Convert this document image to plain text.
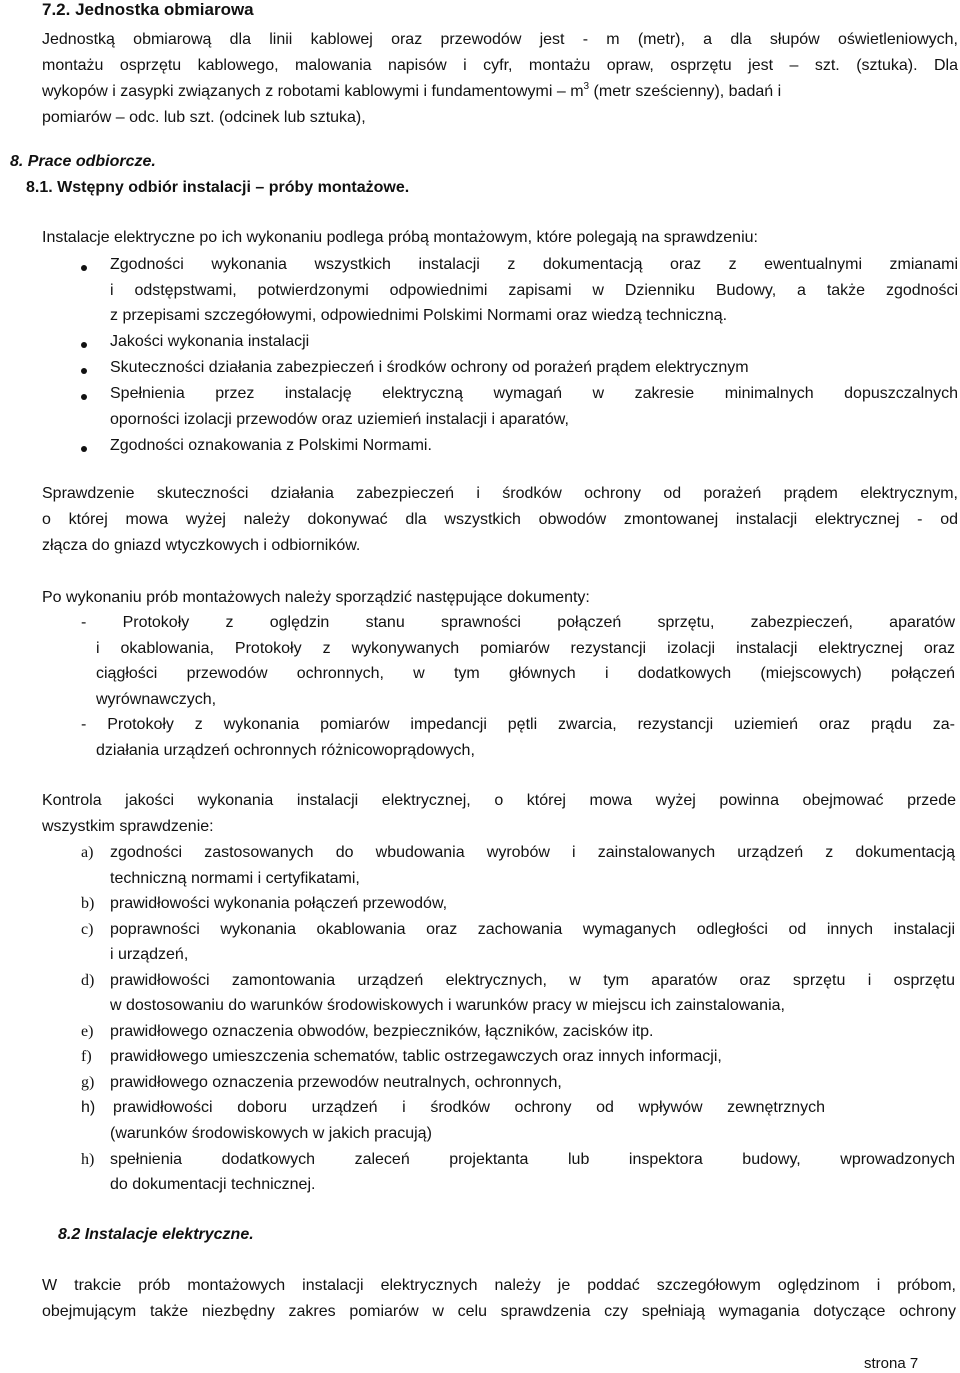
7.2. Jednostka obmiarowa
Jednostką obmiarową dla linii kablowej oraz przewodów jest - m (metr), a dla słupów oświetleniowych,
montażu osprzętu kablowego, malowania napisów i cyfr, montażu opraw, osprzętu jest – szt. (sztuka). Dla
wykopów i zasypki związanych z robotami kablowymi i fundamentowymi – $m^3$ (metr sześcienny), badań i
pomiarów – odc. lub szt. (odcinek lub sztuka),
8. Prace odbiorcze.
8.1. Wstępny odbiór instalacji – próby montażowe.
Instalacje elektryczne po ich wykonaniu podlega próbą montażowym, które polegają na sprawdzeniu:
Zgodności wykonania wszystkich instalacji z dokumentacją oraz z ewentualnymi zmianami
i odstępstwami, potwierdzonymi odpowiednimi zapisami w Dzienniku Budowy, a także zgodności
z przepisami szczegółowymi, odpowiednimi Polskimi Normami oraz wiedzą techniczną.
Jakości wykonania instalacji
Skuteczności działania zabezpieczeń i środków ochrony od porażeń prądem elektrycznym
Spełnienia przez instalację elektryczną wymagań w zakresie minimalnych dopuszczalnych
oporności izolacji przewodów oraz uziemień instalacji i aparatów,
Zgodności oznakowania z Polskimi Normami.
Sprawdzenie skuteczności działania zabezpieczeń i środków ochrony od porażeń prądem elektrycznym,
o której mowa wyżej należy dokonywać dla wszystkich obwodów zmontowanej instalacji elektrycznej - od
złącza do gniazd wtyczkowych i odbiorników.
Po wykonaniu prób montażowych należy sporządzić następujące dokumenty:
- Protokoły z oględzin stanu sprawności połączeń sprzętu, zabezpieczeń, aparatów
i okablowania, Protokoły z wykonywanych pomiarów rezystancji izolacji instalacji elektrycznej oraz
ciągłości przewodów ochronnych, w tym głównych i dodatkowych (miejscowych) połączeń
wyrównawczych,
- Protokoły z wykonania pomiarów impedancji pętli zwarcia, rezystancji uziemień oraz prądu za-
działania urządzeń ochronnych różnicowoprądowych,
Kontrola jakości wykonania instalacji elektrycznej, o której mowa wyżej powinna obejmować przede
wszystkim sprawdzenie:
a) zgodności zastosowanych do wbudowania wyrobów i zainstalowanych urządzeń z dokumentacją
techniczną normami i certyfikatami,
b) prawidłowości wykonania połączeń przewodów,
c) poprawności wykonania okablowania oraz zachowania wymaganych odległości od innych instalacji
i urządzeń,
d) prawidłowości zamontowania urządzeń elektrycznych, w tym aparatów oraz sprzętu i osprzętu
w dostosowaniu do warunków środowiskowych i warunków pracy w miejscu ich zainstalowania,
e) prawidłowego oznaczenia obwodów, bezpieczników, łączników, zacisków itp.
f) prawidłowego umieszczenia schematów, tablic ostrzegawczych oraz innych informacji,
g) prawidłowego oznaczenia przewodów neutralnych, ochronnych,
h) prawidłowości doboru urządzeń i środków ochrony od wpływów zewnętrznych
(warunków środowiskowych w jakich pracują)
h) spełnienia dodatkowych zaleceń projektanta lub inspektora budowy, wprowadzonych
do dokumentacji technicznej.
8.2 Instalacje elektryczne.
W trakcie prób montażowych instalacji elektrycznych należy je poddać szczegółowym oględzinom i próbom,
obejmującym także niezbędny zakres pomiarów w celu sprawdzenia czy spełniają wymagania dotyczące ochrony
strona 7
